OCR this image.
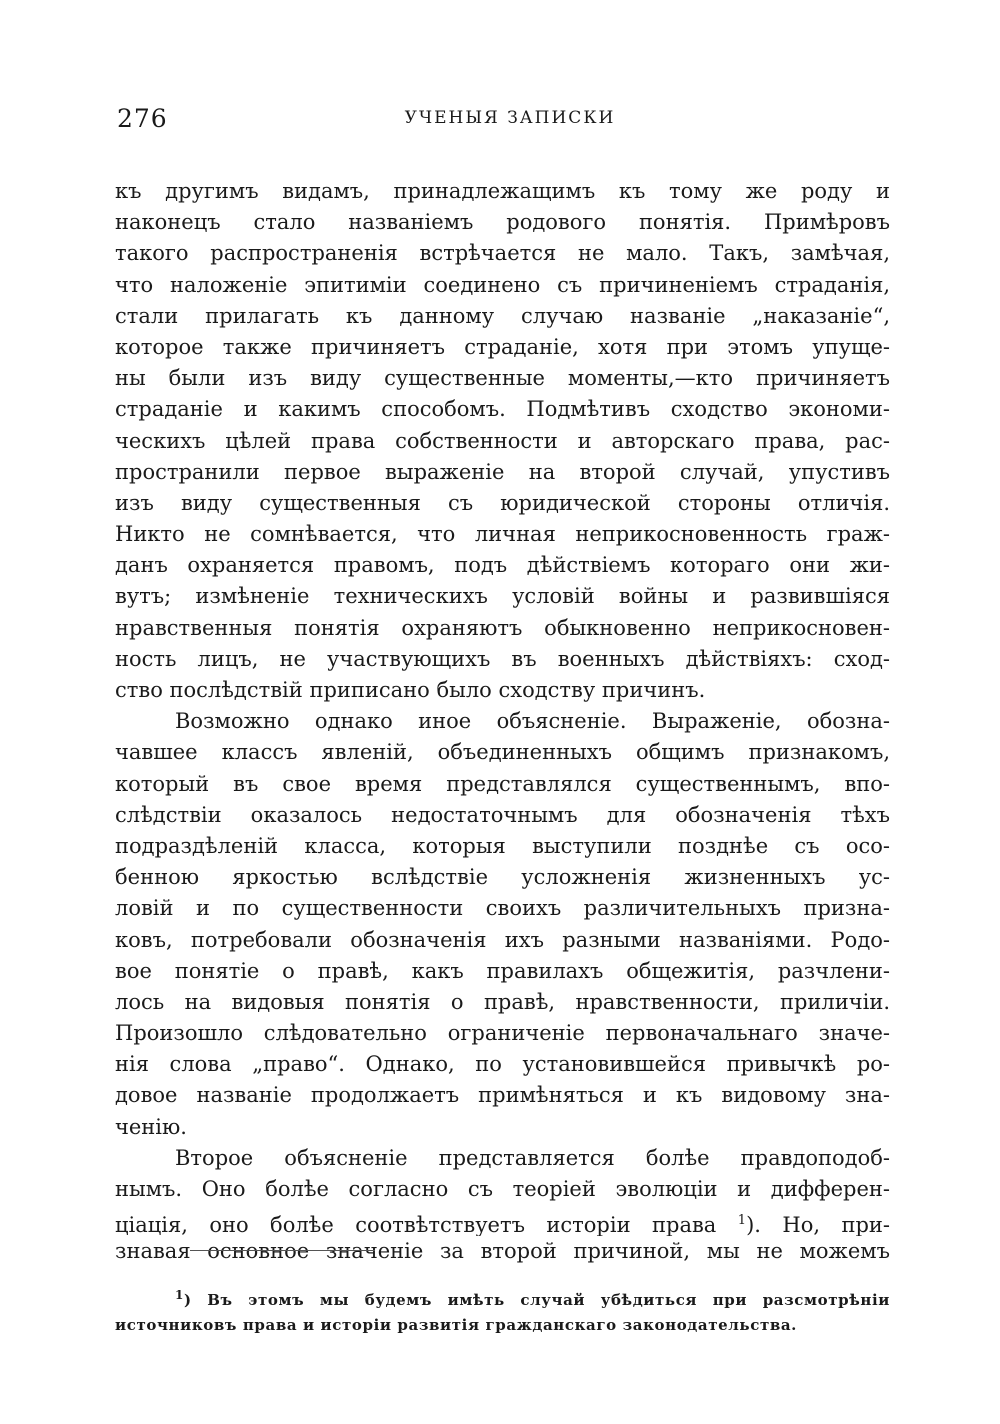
276	УЧЕНЫЯ ЗАПИСКИ
къ другимъ видамъ, принадлежащимъ къ тому же роду и
наконецъ стало названіемъ родового понятія. Примѣровъ
такого распространенія встрѣчается не мало. Такъ, замѣчая,
что наложеніе эпитиміи соединено съ причиненіемъ страданія,
стали прилагать къ данному случаю названіе „наказаніе“,
которое также причиняетъ страданіе, хотя при этомъ упуще-
ны были изъ виду существенные моменты,—кто причиняетъ
страданіе и какимъ способомъ. Подмѣтивъ сходство экономи-
ческихъ цѣлей права собственности и авторскаго права, рас-
пространили первое выраженіе на второй случай, упустивъ
изъ виду существенныя съ юридической стороны отличія.
Никто не сомнѣвается, что личная неприкосновенность граж-
данъ охраняется правомъ, подъ дѣйствіемъ котораго они жи-
вутъ; измѣненіе техническихъ условій войны и развившіяся
нравственныя понятія охраняютъ обыкновенно неприкосновен-
ность лицъ, не участвующихъ въ военныхъ дѣйствіяхъ: сход-
ство послѣдствій приписано было сходству причинъ.
Возможно однако иное объясненіе. Выраженіе, обозна-
чавшее классъ явленій, объединенныхъ общимъ признакомъ,
который въ свое время представлялся существеннымъ, впо-
слѣдствіи оказалось недостаточнымъ для обозначенія тѣхъ
подраздѣленій класса, которыя выступили позднѣе съ осо-
бенною яркостью вслѣдствіе усложненія жизненныхъ ус-
ловій и по существенности своихъ различительныхъ призна-
ковъ, потребовали обозначенія ихъ разными названіями. Родо-
вое понятіе о правѣ, какъ правилахъ общежитія, разчлени-
лось на видовыя понятія о правѣ, нравственности, приличіи.
Произошло слѣдовательно ограниченіе первоначальнаго значе-
нія слова „право“. Однако, по установившейся привычкѣ ро-
довое названіе продолжаетъ примѣняться и къ видовому зна-
ченію.
Второе объясненіе представляется болѣе правдоподоб-
нымъ. Оно болѣе согласно съ теоріей эволюціи и дифферен-
ціація, оно болѣе соотвѣтствуетъ исторіи права $^1$). Но, при-
знавая основное значеніе за второй причиной, мы не можемъ
$^1$) Въ этомъ мы будемъ имѣть случай убѣдиться при разсмотрѣніи
источниковъ права и исторіи развитія гражданскаго законодательства.
